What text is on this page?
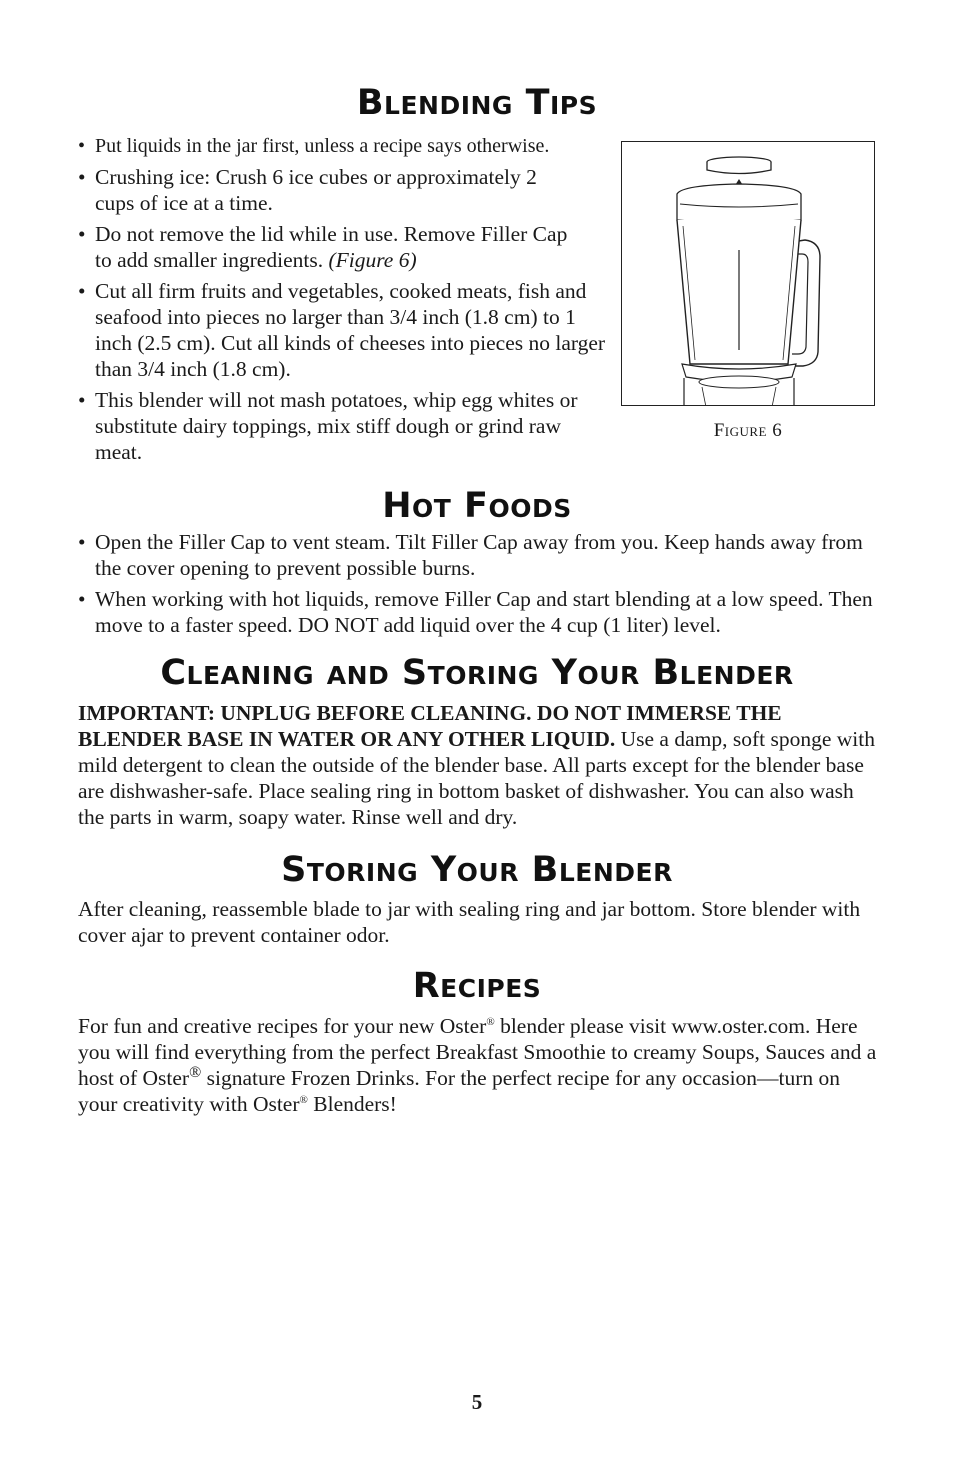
Blending Tips
• Put liquids in the jar first, unless a recipe says otherwise.
• Crushing ice: Crush 6 ice cubes or approximately 2 cups of ice at a time.
• Do not remove the lid while in use. Remove Filler Cap to add smaller ingredients. (Figure 6)
• Cut all firm fruits and vegetables, cooked meats, fish and seafood into pieces no larger than 3/4 inch (1.8 cm) to 1 inch (2.5 cm). Cut all kinds of cheeses into pieces no larger than 3/4 inch (1.8 cm).
• This blender will not mash potatoes, whip egg whites or substitute dairy toppings, mix stiff dough or grind raw meat.
Figure 6
Hot Foods
• Open the Filler Cap to vent steam. Tilt Filler Cap away from you. Keep hands away from the cover opening to prevent possible burns.
• When working with hot liquids, remove Filler Cap and start blending at a low speed. Then move to a faster speed. DO NOT add liquid over the 4 cup (1 liter) level.
Cleaning and Storing Your Blender

IMPORTANT: UNPLUG BEFORE CLEANING. DO NOT IMMERSE THE BLENDER BASE IN WATER OR ANY OTHER LIQUID. Use a damp, soft sponge with mild detergent to clean the outside of the blender base. All parts except for the blender base are dishwasher-safe. Place sealing ring in bottom basket of dishwasher. You can also wash the parts in warm, soapy water. Rinse well and dry.

Storing Your Blender

After cleaning, reassemble blade to jar with sealing ring and jar bottom. Store blender with cover ajar to prevent container odor.

Recipes

For fun and creative recipes for your new Oster® blender please visit www.oster.com. Here you will find everything from the perfect Breakfast Smoothie to creamy Soups, Sauces and a host of Oster® signature Frozen Drinks. For the perfect recipe for any occasion—turn on your creativity with Oster® Blenders!

5
